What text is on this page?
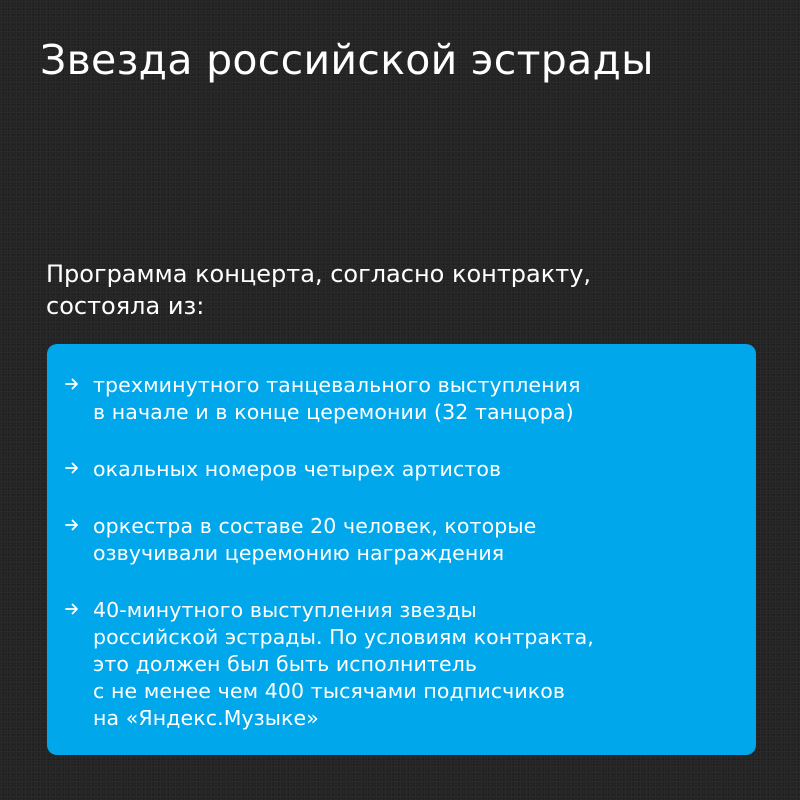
Звезда российской эстрады
Программа концерта, согласно контракту,
состояла из:
трехминутного танцевального выступления
в начале и в конце церемонии (32 танцора)
окальных номеров четырех артистов
оркестра в составе 20 человек, которые
озвучивали церемонию награждения
40-минутного выступления звезды
российской эстрады. По условиям контракта,
это должен был быть исполнитель
с не менее чем 400 тысячами подписчиков
на «Яндекс.Музыке»
